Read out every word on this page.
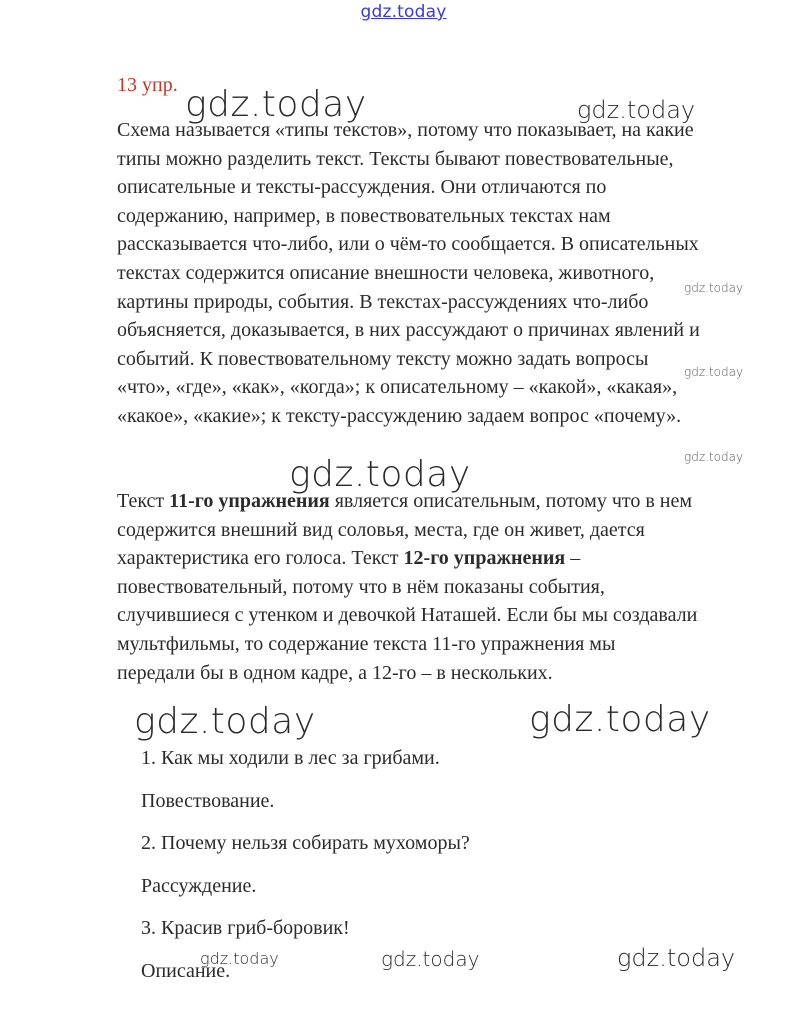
gdz.today
13 упр.
Схема называется «типы текстов», потому что показывает, на какие
типы можно разделить текст. Тексты бывают повествовательные,
описательные и тексты-рассуждения. Они отличаются по
содержанию, например, в повествовательных текстах нам
рассказывается что-либо, или о чём-то сообщается. В описательных
текстах содержится описание внешности человека, животного,
картины природы, события. В текстах-рассуждениях что-либо
объясняется, доказывается, в них рассуждают о причинах явлений и
событий. К повествовательному тексту можно задать вопросы
«что», «где», «как», «когда»; к описательному – «какой», «какая»,
«какое», «какие»; к тексту-рассуждению задаем вопрос «почему».
Текст 11-го упражнения является описательным, потому что в нем
содержится внешний вид соловья, места, где он живет, дается
характеристика его голоса. Текст 12-го упражнения –
повествовательный, потому что в нём показаны события,
случившиеся с утенком и девочкой Наташей. Если бы мы создавали
мультфильмы, то содержание текста 11-го упражнения мы
передали бы в одном кадре, а 12-го – в нескольких.

1. Как мы ходили в лес за грибами.

Повествование.

2. Почему нельзя собирать мухоморы?

Рассуждение.

3. Красив гриб-боровик!

Описание.

gdz.today	gdz.today
gdz.today
gdz.today
gdz.today
gdz.today
gdz.today	gdz.today
gdz.today	gdz.today	gdz.today
